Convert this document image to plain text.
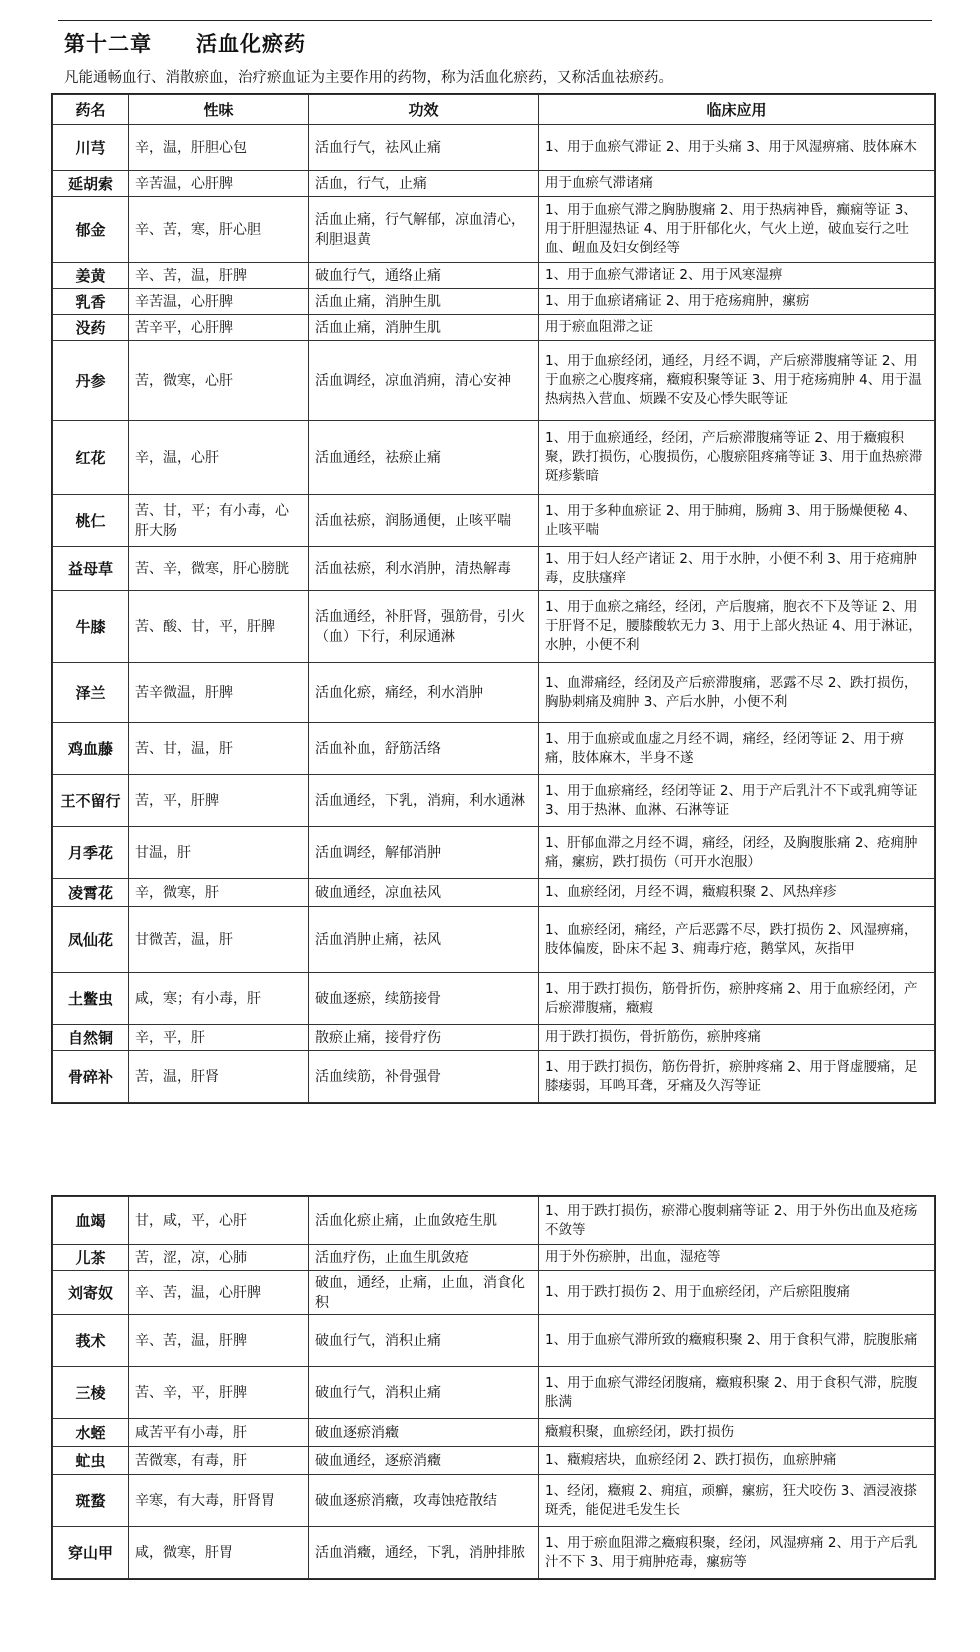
第十二章　　活血化瘀药
凡能通畅血行、消散瘀血，治疗瘀血证为主要作用的药物，称为活血化瘀药，又称活血祛瘀药。
药名	性味	功效	临床应用
川芎	辛，温，肝胆心包	活血行气，祛风止痛	1、用于血瘀气滞证 2、用于头痛 3、用于风湿痹痛、肢体麻木
延胡索	辛苦温，心肝脾	活血，行气，止痛	用于血瘀气滞诸痛
郁金	辛、苦，寒，肝心胆	活血止痛，行气解郁，凉血清心，利胆退黄	1、用于血瘀气滞之胸胁腹痛 2、用于热病神昏，癫痫等证 3、用于肝胆湿热证 4、用于肝郁化火，气火上逆，破血妄行之吐血、衄血及妇女倒经等
姜黄	辛、苦，温，肝脾	破血行气，通络止痛	1、用于血瘀气滞诸证 2、用于风寒湿痹
乳香	辛苦温，心肝脾	活血止痛，消肿生肌	1、用于血瘀诸痛证 2、用于疮疡痈肿，瘰疬
没药	苦辛平，心肝脾	活血止痛，消肿生肌	用于瘀血阻滞之证
丹参	苦，微寒，心肝	活血调经，凉血消痈，清心安神	1、用于血瘀经闭，通经，月经不调，产后瘀滞腹痛等证 2、用于血瘀之心腹疼痛，癥瘕积聚等证 3、用于疮疡痈肿 4、用于温热病热入营血、烦躁不安及心悸失眠等证
红花	辛，温，心肝	活血通经，祛瘀止痛	1、用于血瘀通经，经闭，产后瘀滞腹痛等证 2、用于癥瘕积聚，跌打损伤，心腹损伤，心腹瘀阻疼痛等证 3、用于血热瘀滞斑疹紫暗
桃仁	苦、甘，平；有小毒，心肝大肠	活血祛瘀，润肠通便，止咳平喘	1、用于多种血瘀证 2、用于肺痈，肠痈 3、用于肠燥便秘 4、止咳平喘
益母草	苦、辛，微寒，肝心膀胱	活血祛瘀，利水消肿，清热解毒	1、用于妇人经产诸证 2、用于水肿，小便不利 3、用于疮痈肿毒，皮肤瘙痒
牛膝	苦、酸、甘，平，肝脾	活血通经，补肝肾，强筋骨，引火（血）下行，利尿通淋	1、用于血瘀之痛经，经闭，产后腹痛，胞衣不下及等证 2、用于肝肾不足，腰膝酸软无力 3、用于上部火热证 4、用于淋证，水肿，小便不利
泽兰	苦辛微温，肝脾	活血化瘀，痛经，利水消肿	1、血滞痛经，经闭及产后瘀滞腹痛，恶露不尽 2、跌打损伤，胸胁刺痛及痈肿 3、产后水肿，小便不利
鸡血藤	苦、甘，温，肝	活血补血，舒筋活络	1、用于血瘀或血虚之月经不调，痛经，经闭等证 2、用于痹痛，肢体麻木，半身不遂
王不留行	苦，平，肝脾	活血通经，下乳，消痈，利水通淋	1、用于血瘀痛经，经闭等证 2、用于产后乳汁不下或乳痈等证 3、用于热淋、血淋、石淋等证
月季花	甘温，肝	活血调经，解郁消肿	1、肝郁血滞之月经不调，痛经，闭经，及胸腹胀痛 2、疮痈肿痛，瘰疬，跌打损伤（可开水泡服）
凌霄花	辛，微寒，肝	破血通经，凉血祛风	1、血瘀经闭，月经不调，癥瘕积聚 2、风热痒疹
凤仙花	甘微苦，温，肝	活血消肿止痛，祛风	1、血瘀经闭，痛经，产后恶露不尽，跌打损伤 2、风湿痹痛，肢体偏废，卧床不起 3、痈毒疔疮，鹅掌风，灰指甲
土鳖虫	咸，寒；有小毒，肝	破血逐瘀，续筋接骨	1、用于跌打损伤，筋骨折伤，瘀肿疼痛 2、用于血瘀经闭，产后瘀滞腹痛，癥瘕
自然铜	辛，平，肝	散瘀止痛，接骨疗伤	用于跌打损伤，骨折筋伤，瘀肿疼痛
骨碎补	苦，温，肝肾	活血续筋，补骨强骨	1、用于跌打损伤，筋伤骨折，瘀肿疼痛 2、用于肾虚腰痛，足膝痿弱，耳鸣耳聋，牙痛及久泻等证
血竭	甘，咸，平，心肝	活血化瘀止痛，止血敛疮生肌	1、用于跌打损伤，瘀滞心腹刺痛等证 2、用于外伤出血及疮疡不敛等
儿茶	苦，涩，凉，心肺	活血疗伤，止血生肌敛疮	用于外伤瘀肿，出血，湿疮等
刘寄奴	辛、苦，温，心肝脾	破血，通经，止痛，止血，消食化积	1、用于跌打损伤 2、用于血瘀经闭，产后瘀阻腹痛
莪术	辛、苦，温，肝脾	破血行气，消积止痛	1、用于血瘀气滞所致的癥瘕积聚 2、用于食积气滞，脘腹胀痛
三棱	苦、辛，平，肝脾	破血行气，消积止痛	1、用于血瘀气滞经闭腹痛，癥瘕积聚 2、用于食积气滞，脘腹胀满
水蛭	咸苦平有小毒，肝	破血逐瘀消癥	癥瘕积聚，血瘀经闭，跌打损伤
虻虫	苦微寒，有毒，肝	破血通经，逐瘀消癥	1、癥瘕痞块，血瘀经闭 2、跌打损伤，血瘀肿痛
斑蝥	辛寒，有大毒，肝肾胃	破血逐瘀消癥，攻毒蚀疮散结	1、经闭，癥瘕 2、痈疽，顽癣，瘰疬，狂犬咬伤 3、酒浸液搽斑秃，能促进毛发生长
穿山甲	咸，微寒，肝胃	活血消癥，通经，下乳，消肿排脓	1、用于瘀血阻滞之癥瘕积聚，经闭，风湿痹痛 2、用于产后乳汁不下 3、用于痈肿疮毒，瘰疬等
